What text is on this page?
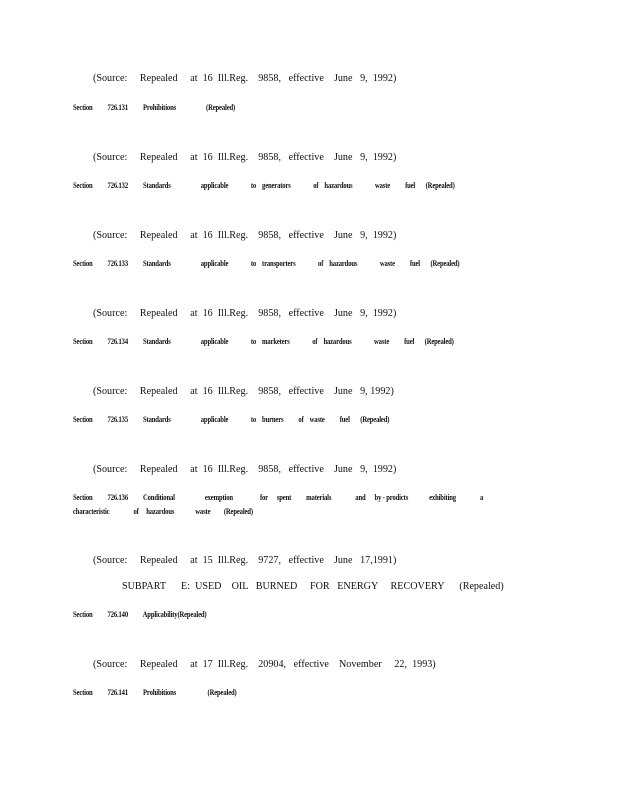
(Source:     Repealed     at  16  Ill.Reg.    9858,   effective    June   9,  1992)
Section          726.131          Prohibitions                    (Repealed)
(Source:     Repealed     at  16  Ill.Reg.    9858,   effective    June   9,  1992)
Section          726.132          Standards                    applicable               to    generators               of    hazardous               waste          fuel       (Repealed)
(Source:     Repealed     at  16  Ill.Reg.    9858,   effective    June   9,  1992)
Section          726.133          Standards                    applicable               to    transporters               of    hazardous               waste          fuel       (Repealed)
(Source:     Repealed     at  16  Ill.Reg.    9858,   effective    June   9,  1992)
Section          726.134          Standards                    applicable               to    marketers               of    hazardous               waste          fuel       (Repealed)
(Source:     Repealed     at  16  Ill.Reg.    9858,   effective    June   9, 1992)
Section          726.135          Standards                    applicable               to    burners          of    waste          fuel       (Repealed)
(Source:     Repealed     at  16  Ill.Reg.    9858,   effective    June   9,  1992)
Section          726.136          Conditional                    exemption                  for      spent          materials                and      by - prodicts              exhibiting                a
characteristic                of     hazardous              waste         (Repealed)
(Source:     Repealed     at  15  Ill.Reg.    9727,   effective    June   17,1991)
SUBPART      E:  USED    OIL   BURNED     FOR   ENERGY     RECOVERY      (Repealed)
Section          726.140          Applicability(Repealed)
(Source:     Repealed     at  17  Ill.Reg.    20904,   effective    November     22,  1993)
Section          726.141          Prohibitions                     (Repealed)
